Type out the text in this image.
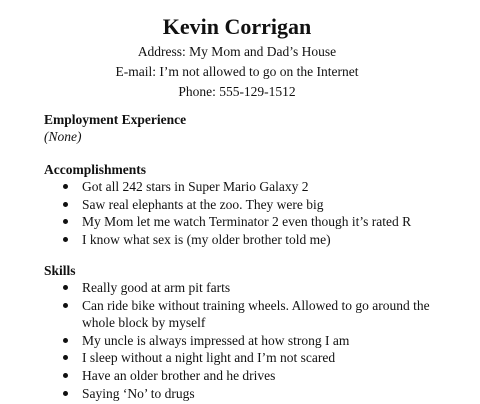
Kevin Corrigan
Address: My Mom and Dad’s House
E-mail: I’m not allowed to go on the Internet
Phone: 555-129-1512
Employment Experience
(None)
Accomplishments
Got all 242 stars in Super Mario Galaxy 2
Saw real elephants at the zoo. They were big
My Mom let me watch Terminator 2 even though it’s rated R
I know what sex is (my older brother told me)
Skills
Really good at arm pit farts
Can ride bike without training wheels. Allowed to go around the whole block by myself
My uncle is always impressed at how strong I am
I sleep without a night light and I’m not scared
Have an older brother and he drives
Saying ‘No’ to drugs
